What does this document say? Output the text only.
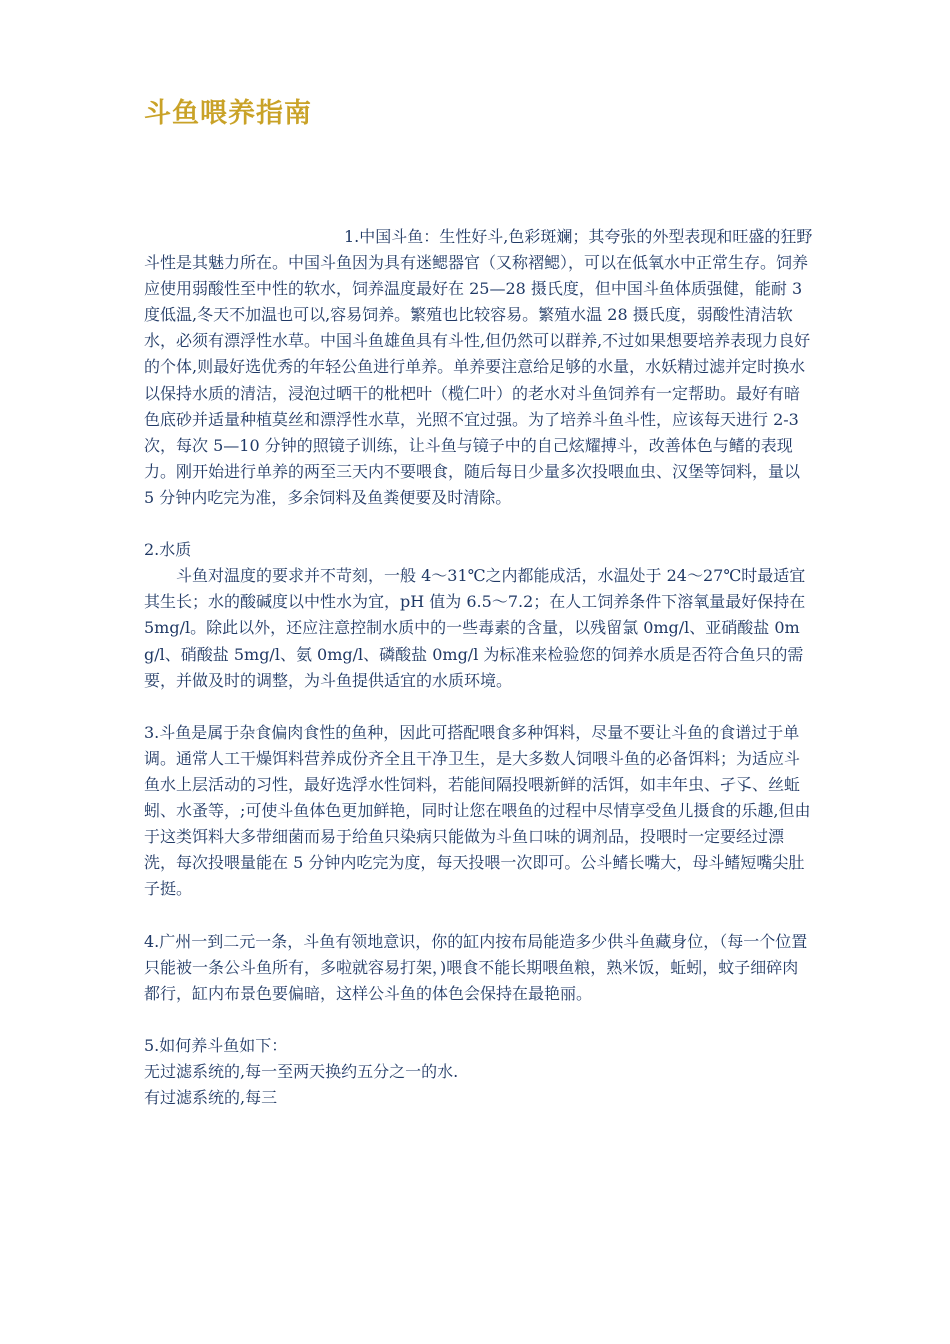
斗鱼喂养指南

1.中国斗鱼：生性好斗,色彩斑斓；其夸张的外型表现和旺盛的狂野斗性是其魅力所在。中国斗鱼因为具有迷鳃器官（又称褶鳃），可以在低氧水中正常生存。饲养应使用弱酸性至中性的软水，饲养温度最好在 25—28 摄氏度，但中国斗鱼体质强健，能耐 3 度低温,冬天不加温也可以,容易饲养。繁殖也比较容易。繁殖水温 28 摄氏度，弱酸性清洁软水，必须有漂浮性水草。中国斗鱼雄鱼具有斗性,但仍然可以群养,不过如果想要培养表现力良好的个体,则最好选优秀的年轻公鱼进行单养。单养要注意给足够的水量，水妖精过滤并定时换水以保持水质的清洁，浸泡过晒干的枇杷叶（榄仁叶）的老水对斗鱼饲养有一定帮助。最好有暗色底砂并适量种植莫丝和漂浮性水草，光照不宜过强。为了培养斗鱼斗性，应该每天进行 2-3 次，每次 5—10 分钟的照镜子训练，让斗鱼与镜子中的自己炫耀搏斗，改善体色与鳍的表现力。刚开始进行单养的两至三天内不要喂食，随后每日少量多次投喂血虫、汉堡等饲料，量以 5 分钟内吃完为准，多余饲料及鱼粪便要及时清除。

2.水质

斗鱼对温度的要求并不苛刻，一般 4～31℃之内都能成活，水温处于 24～27℃时最适宜其生长；水的酸碱度以中性水为宜，pH 值为 6.5～7.2；在人工饲养条件下溶氧量最好保持在 5mg/l。除此以外，还应注意控制水质中的一些毒素的含量，以残留氯 0mg/l、亚硝酸盐 0mg/l、硝酸盐 5mg/l、氨 0mg/l、磷酸盐 0mg/l 为标准来检验您的饲养水质是否符合鱼只的需要，并做及时的调整，为斗鱼提供适宜的水质环境。

3.斗鱼是属于杂食偏肉食性的鱼种，因此可搭配喂食多种饵料，尽量不要让斗鱼的食谱过于单调。通常人工干燥饵料营养成份齐全且干净卫生，是大多数人饲喂斗鱼的必备饵料；为适应斗鱼水上层活动的习性，最好选浮水性饲料，若能间隔投喂新鲜的活饵，如丰年虫、孑孓、丝蚯蚓、水蚤等，;可使斗鱼体色更加鲜艳，同时让您在喂鱼的过程中尽情享受鱼儿摄食的乐趣,但由于这类饵料大多带细菌而易于给鱼只染病只能做为斗鱼口味的调剂品，投喂时一定要经过漂洗，每次投喂量能在 5 分钟内吃完为度，每天投喂一次即可。公斗鳍长嘴大，母斗鳍短嘴尖肚子挺。

4.广州一到二元一条，斗鱼有领地意识，你的缸内按布局能造多少供斗鱼藏身位，（每一个位置只能被一条公斗鱼所有，多啦就容易打架，)喂食不能长期喂鱼粮，熟米饭，蚯蚓，蚊子细碎肉都行，缸内布景色要偏暗，这样公斗鱼的体色会保持在最艳丽。

5.如何养斗鱼如下：

无过滤系统的,每一至两天换约五分之一的水.

有过滤系统的,每三
